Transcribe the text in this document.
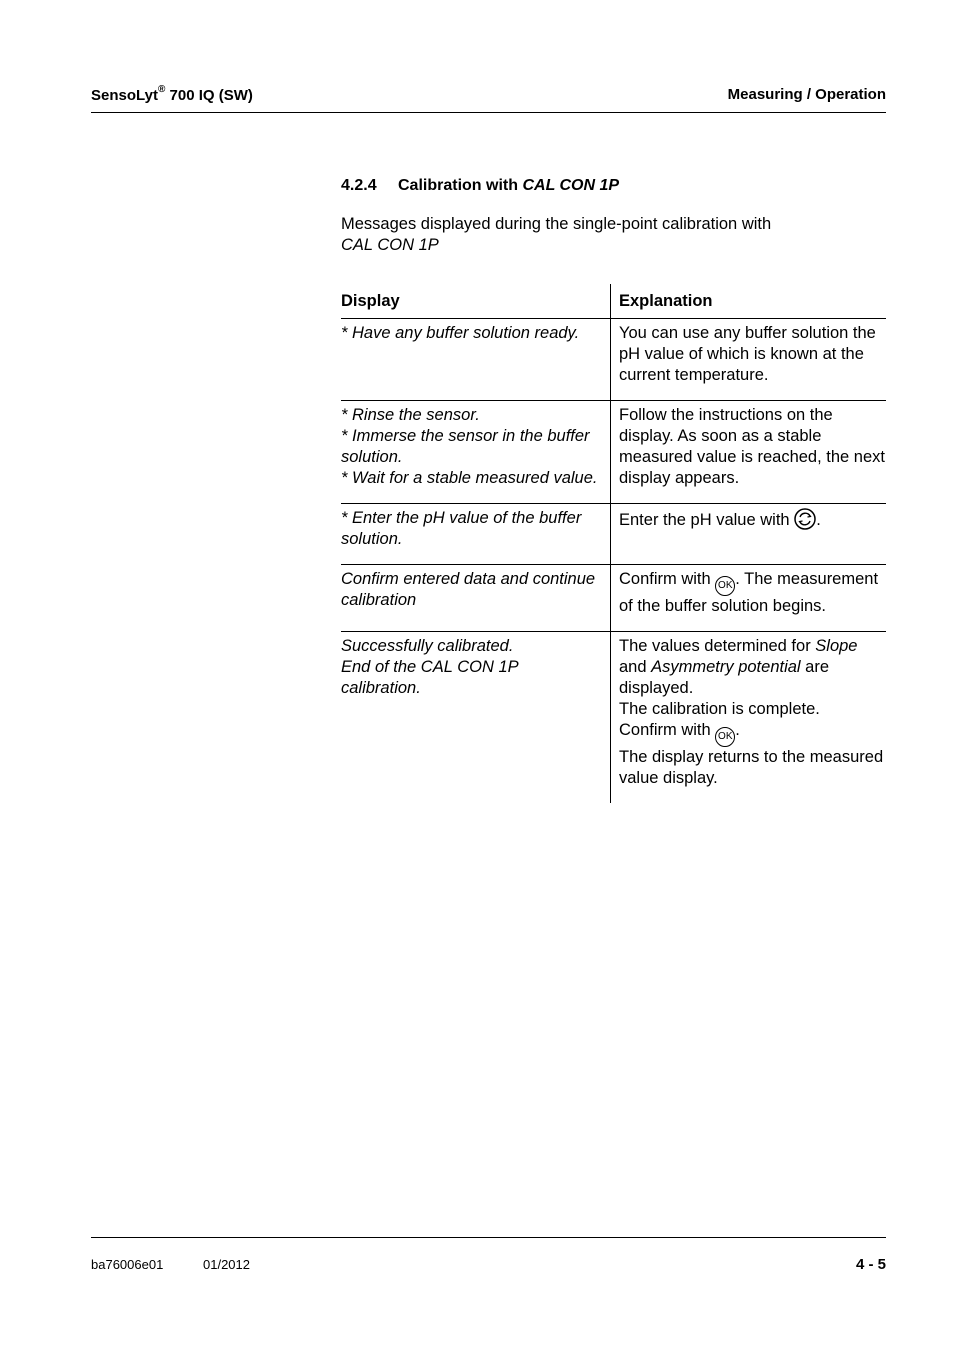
SensoLyt® 700 IQ (SW)	Measuring / Operation
4.2.4 Calibration with CAL CON 1P
Messages displayed during the single-point calibration with
CAL CON 1P
Display	Explanation

* Have any buffer solution ready.	You can use any buffer solution the pH value of which is known at the current temperature.

* Rinse the sensor.
* Immerse the sensor in the buffer solution.
* Wait for a stable measured value.	Follow the instructions on the display. As soon as a stable measured value is reached, the next display appears.

* Enter the pH value of the buffer solution.	Enter the pH value with .

Confirm entered data and continue calibration	Confirm with OK . The measurement of the buffer solution begins.

Successfully calibrated.
End of the CAL CON 1P calibration.	The values determined for Slope and Asymmetry potential are displayed.
The calibration is complete.
Confirm with OK .
The display returns to the measured value display.
ba76006e01	01/2012	4 - 5
